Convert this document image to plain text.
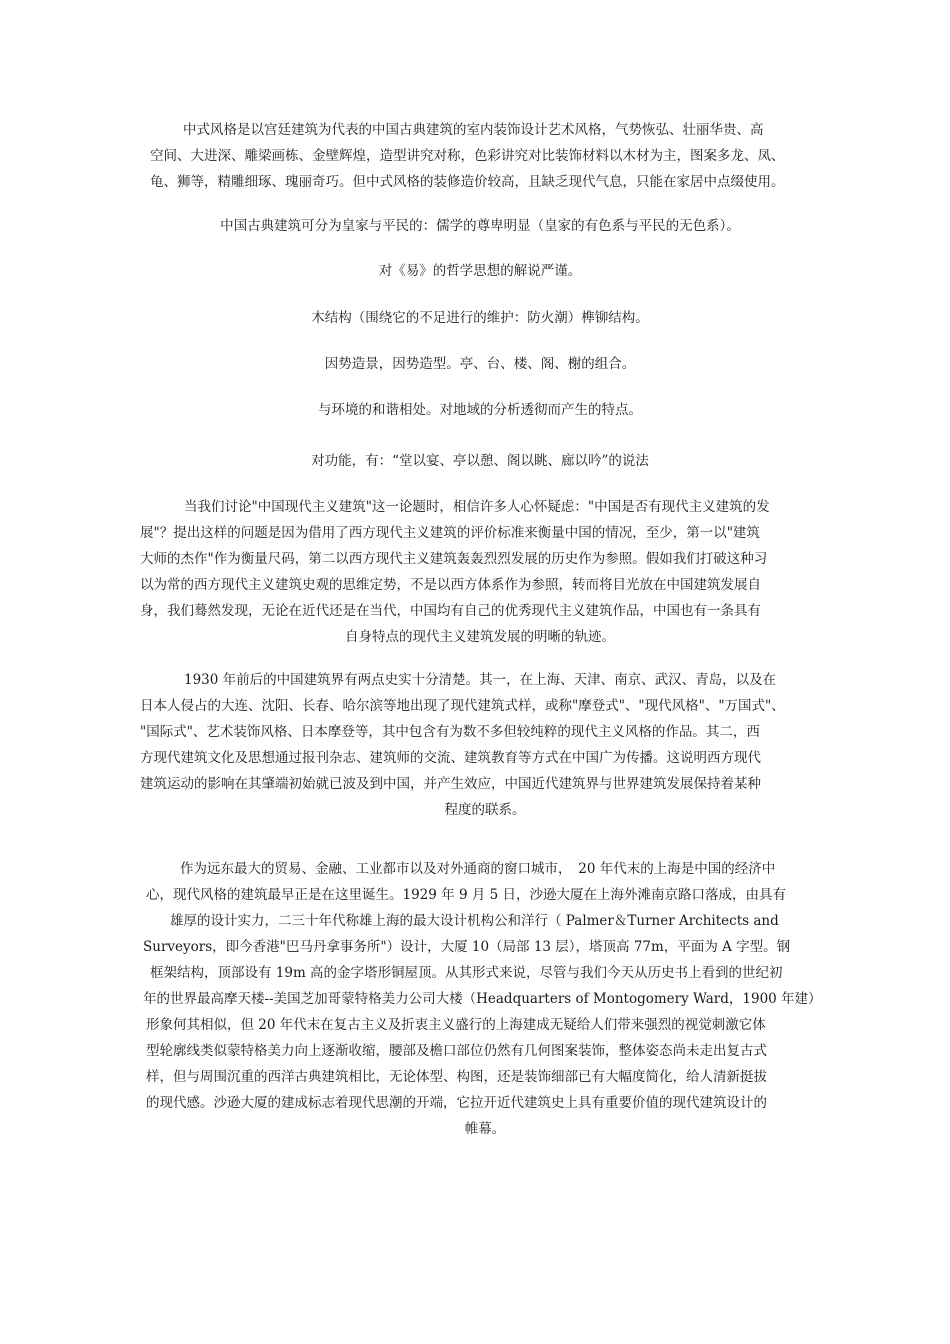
中式风格是以宫廷建筑为代表的中国古典建筑的室内装饰设计艺术风格，气势恢弘、壮丽华贵、高
空间、大进深、雕梁画栋、金壁辉煌，造型讲究对称，色彩讲究对比装饰材料以木材为主，图案多龙、凤、
龟、狮等，精雕细琢、瑰丽奇巧。但中式风格的装修造价较高，且缺乏现代气息，只能在家居中点缀使用。
中国古典建筑可分为皇家与平民的：儒学的尊卑明显（皇家的有色系与平民的无色系）。
对《易》的哲学思想的解说严谨。
木结构（围绕它的不足进行的维护：防火潮）榫铆结构。
因势造景，因势造型。亭、台、楼、阁、榭的组合。
与环境的和谐相处。对地域的分析透彻而产生的特点。
对功能，有：“堂以宴、亭以憩、阁以眺、廊以吟”的说法
当我们讨论"中国现代主义建筑"这一论题时，相信许多人心怀疑虑："中国是否有现代主义建筑的发
展"？提出这样的问题是因为借用了西方现代主义建筑的评价标准来衡量中国的情况，至少，第一以"建筑
大师的杰作"作为衡量尺码，第二以西方现代主义建筑轰轰烈烈发展的历史作为参照。假如我们打破这种习
以为常的西方现代主义建筑史观的思维定势，不是以西方体系作为参照，转而将目光放在中国建筑发展自
身，我们蓦然发现，无论在近代还是在当代，中国均有自己的优秀现代主义建筑作品，中国也有一条具有
自身特点的现代主义建筑发展的明晰的轨迹。
1930 年前后的中国建筑界有两点史实十分清楚。其一，在上海、天津、南京、武汉、青岛，以及在
日本人侵占的大连、沈阳、长春、哈尔滨等地出现了现代建筑式样，或称"摩登式"、"现代风格"、"万国式"、
"国际式"、艺术装饰风格、日本摩登等，其中包含有为数不多但较纯粹的现代主义风格的作品。其二，西
方现代建筑文化及思想通过报刊杂志、建筑师的交流、建筑教育等方式在中国广为传播。这说明西方现代
建筑运动的影响在其肇端初始就已波及到中国，并产生效应，中国近代建筑界与世界建筑发展保持着某种
程度的联系。
作为远东最大的贸易、金融、工业都市以及对外通商的窗口城市，　20 年代末的上海是中国的经济中
心，现代风格的建筑最早正是在这里诞生。1929 年 9 月 5 日，沙逊大厦在上海外滩南京路口落成，由具有
雄厚的设计实力，二三十年代称雄上海的最大设计机构公和洋行（ Palmer＆Turner Architects and
Surveyors，即今香港"巴马丹拿事务所"）设计，大厦 10（局部 13 层），塔顶高 77m，平面为 A 字型。钢
框架结构，顶部设有 19m 高的金字塔形铜屋顶。从其形式来说，尽管与我们今天从历史书上看到的世纪初
年的世界最高摩天楼--美国芝加哥蒙特格美力公司大楼（Headquarters of Montogomery Ward，1900 年建）
形象何其相似，但 20 年代末在复古主义及折衷主义盛行的上海建成无疑给人们带来强烈的视觉刺激它体
型轮廓线类似蒙特格美力向上逐渐收缩，腰部及檐口部位仍然有几何图案装饰，整体姿态尚未走出复古式
样，但与周围沉重的西洋古典建筑相比，无论体型、构图，还是装饰细部已有大幅度简化，给人清新挺拔
的现代感。沙逊大厦的建成标志着现代思潮的开端，它拉开近代建筑史上具有重要价值的现代建筑设计的
帷幕。
